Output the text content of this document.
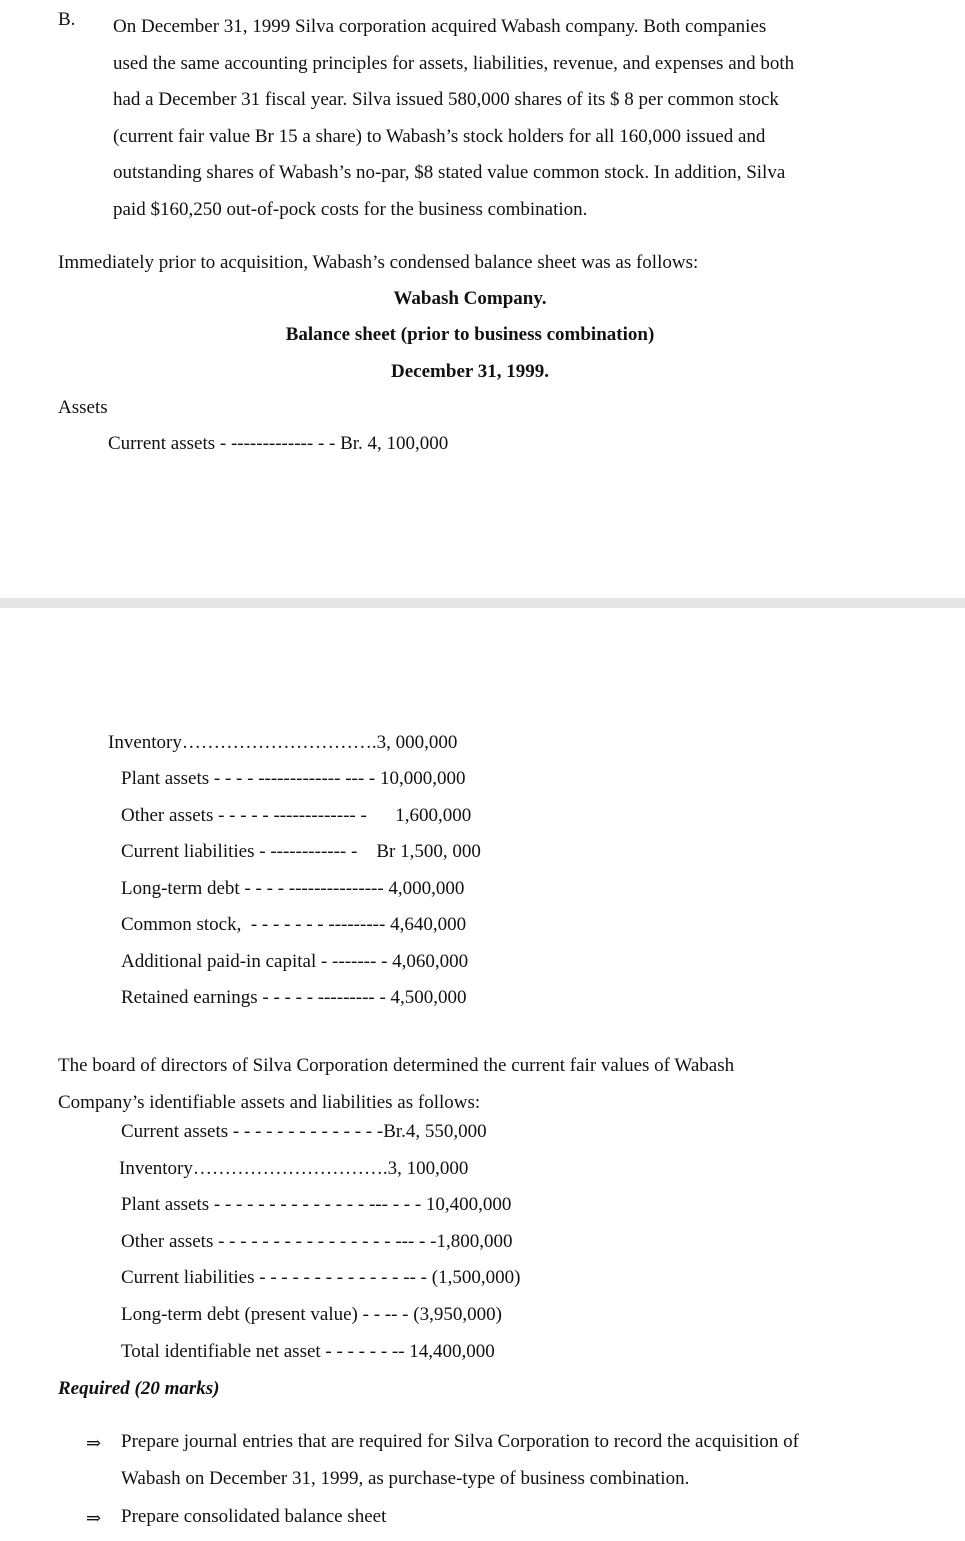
B. On December 31, 1999 Silva corporation acquired Wabash company. Both companies
used the same accounting principles for assets, liabilities, revenue, and expenses and both
had a December 31 fiscal year. Silva issued 580,000 shares of its $ 8 per common stock
(current fair value Br 15 a share) to Wabash’s stock holders for all 160,000 issued and
outstanding shares of Wabash’s no-par, $8 stated value common stock. In addition, Silva
paid $160,250 out-of-pock costs for the business combination.
Immediately prior to acquisition, Wabash’s condensed balance sheet was as follows:
Wabash Company.
Balance sheet (prior to business combination)
December 31, 1999.
Assets
Current assets - ------------- - - Br. 4, 100,000
Inventory………………………….3, 000,000
Plant assets - - - - ------------- --- - 10,000,000
Other assets - - - - - ------------- -      1,600,000
Current liabilities - ------------ -    Br 1,500, 000
Long-term debt - - - - --------------- 4,000,000
Common stock,  - - - - - - - --------- 4,640,000
Additional paid-in capital - ------- - 4,060,000
Retained earnings - - - - - --------- - 4,500,000
The board of directors of Silva Corporation determined the current fair values of Wabash
Company’s identifiable assets and liabilities as follows:
Current assets - - - - - - - - - - - - - -Br.4, 550,000
Inventory………………………….3, 100,000
Plant assets - - - - - - - - - - - - - - --- - - - 10,400,000
Other assets - - - - - - - - - - - - - - - - --- - -1,800,000
Current liabilities - - - - - - - - - - - - - -- - (1,500,000)
Long-term debt (present value) - - -- - (3,950,000)
Total identifiable net asset - - - - - - -- 14,400,000
Required (20 marks)
⇒ Prepare journal entries that are required for Silva Corporation to record the acquisition of
Wabash on December 31, 1999, as purchase-type of business combination.
⇒ Prepare consolidated balance sheet
